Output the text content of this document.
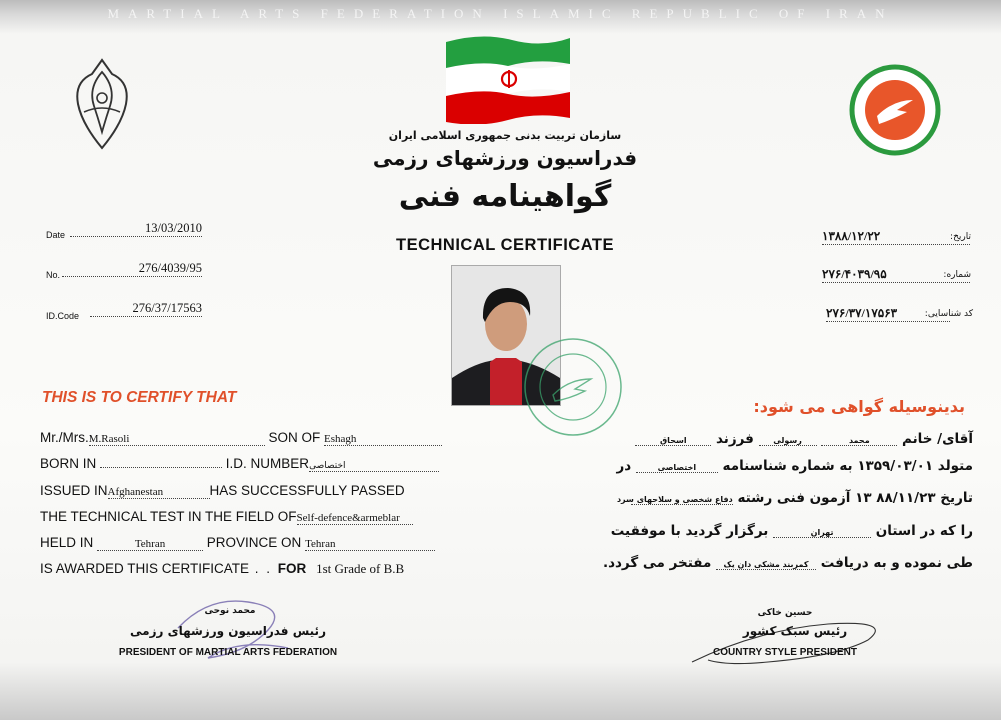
MARTIAL ARTS FEDERATION ISLAMIC REPUBLIC OF IRAN
سازمان تربیت بدنی جمهوری اسلامی ایران
فدراسیون ورزشهای رزمی
گواهینامه فنی
TECHNICAL CERTIFICATE
Date	13/03/2010
No.	276/4039/95
ID.Code
276/37/17563
تاریخ:
۱۳۸۸/۱۲/۲۲
شماره:
۲۷۶/۴۰۳۹/۹۵
کد شناسایی:
۲۷۶/۳۷/۱۷۵۶۳
THIS IS TO CERTIFY THAT	بدینوسیله گواهی می شود:
Mr./Mrs.M.Rasoli	SON OF Eshagh
BORN IN	I.D. NUMBERاختصاصی
ISSUED INAfghanestan	HAS SUCCESSFULLY PASSED
THE TECHNICAL TEST IN THE FIELD OFSelf-defence&armeblar
HELD IN	Tehran	PROVINCE ON Tehran
IS AWARDED THIS CERTIFICATE . . FOR 1st Grade of B.B
آقای/ خانم محمد رسولی فرزند اسحاق
متولد ۱۳۵۹/۰۳/۰۱ به شماره شناسنامه اختصاصی در
تاریخ ۸۸/۱۱/۲۳ ۱۳ آزمون فنی رشته دفاع شخصی و سلاحهای سرد
را که در استان تهران برگزار گردید با موفقیت
طی نموده و به دریافت کمربند مشکی دان یک مفتخر می گردد.
محمد نوحی
رئیس فدراسیون ورزشهای رزمی
PRESIDENT OF MARTIAL ARTS FEDERATION
حسین خاکی
رئیس سبک کشور
COUNTRY STYLE PRESIDENT
